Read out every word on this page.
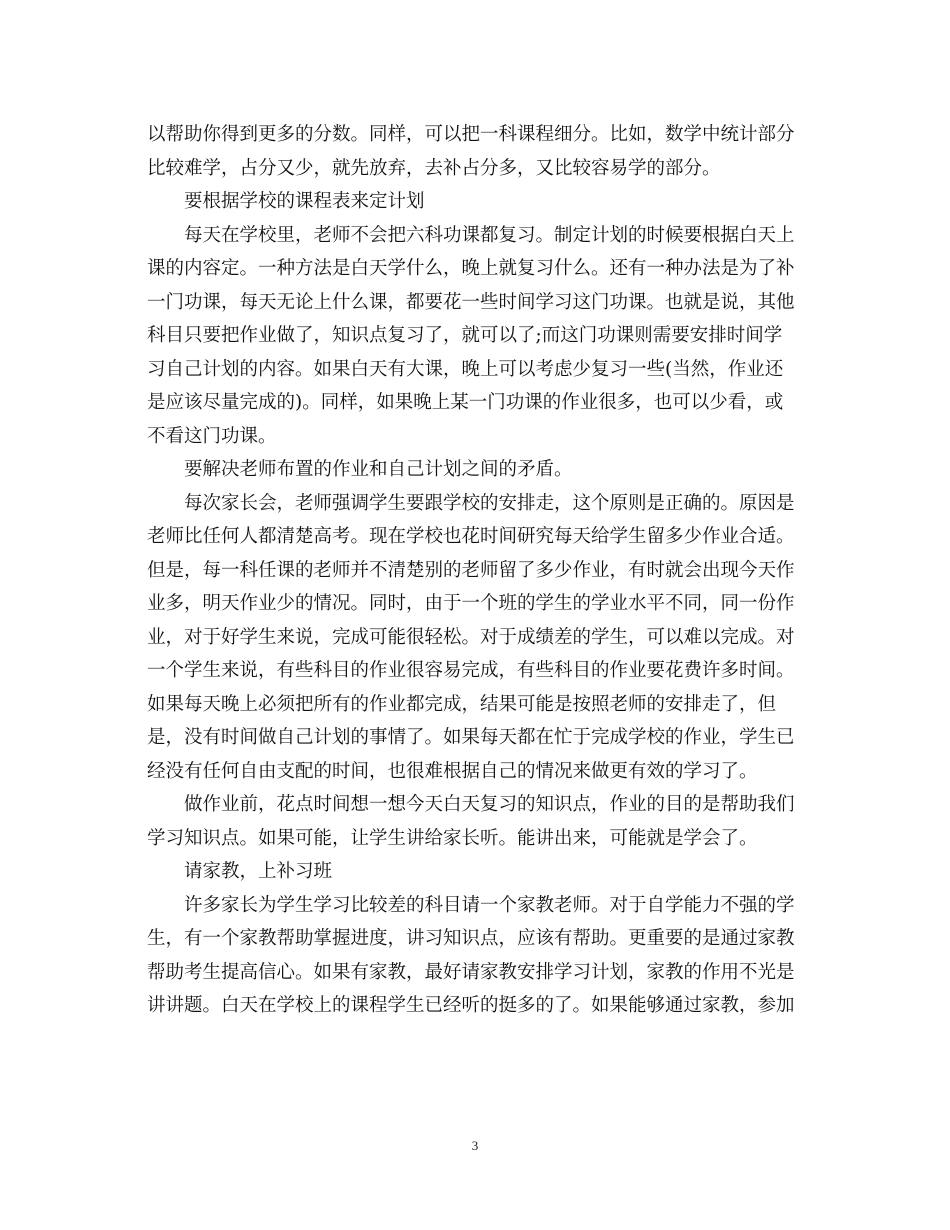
以帮助你得到更多的分数。同样，可以把一科课程细分。比如，数学中统计部分
比较难学，占分又少，就先放弃，去补占分多，又比较容易学的部分。
要根据学校的课程表来定计划
每天在学校里，老师不会把六科功课都复习。制定计划的时候要根据白天上
课的内容定。一种方法是白天学什么，晚上就复习什么。还有一种办法是为了补
一门功课，每天无论上什么课，都要花一些时间学习这门功课。也就是说，其他
科目只要把作业做了，知识点复习了，就可以了;而这门功课则需要安排时间学
习自己计划的内容。如果白天有大课，晚上可以考虑少复习一些(当然，作业还
是应该尽量完成的)。同样，如果晚上某一门功课的作业很多，也可以少看，或
不看这门功课。
要解决老师布置的作业和自己计划之间的矛盾。
每次家长会，老师强调学生要跟学校的安排走，这个原则是正确的。原因是
老师比任何人都清楚高考。现在学校也花时间研究每天给学生留多少作业合适。
但是，每一科任课的老师并不清楚别的老师留了多少作业，有时就会出现今天作
业多，明天作业少的情况。同时，由于一个班的学生的学业水平不同，同一份作
业，对于好学生来说，完成可能很轻松。对于成绩差的学生，可以难以完成。对
一个学生来说，有些科目的作业很容易完成，有些科目的作业要花费许多时间。
如果每天晚上必须把所有的作业都完成，结果可能是按照老师的安排走了，但
是，没有时间做自己计划的事情了。如果每天都在忙于完成学校的作业，学生已
经没有任何自由支配的时间，也很难根据自己的情况来做更有效的学习了。
做作业前，花点时间想一想今天白天复习的知识点，作业的目的是帮助我们
学习知识点。如果可能，让学生讲给家长听。能讲出来，可能就是学会了。
请家教，上补习班
许多家长为学生学习比较差的科目请一个家教老师。对于自学能力不强的学
生，有一个家教帮助掌握进度，讲习知识点，应该有帮助。更重要的是通过家教
帮助考生提高信心。如果有家教，最好请家教安排学习计划，家教的作用不光是
讲讲题。白天在学校上的课程学生已经听的挺多的了。如果能够通过家教，参加
3
